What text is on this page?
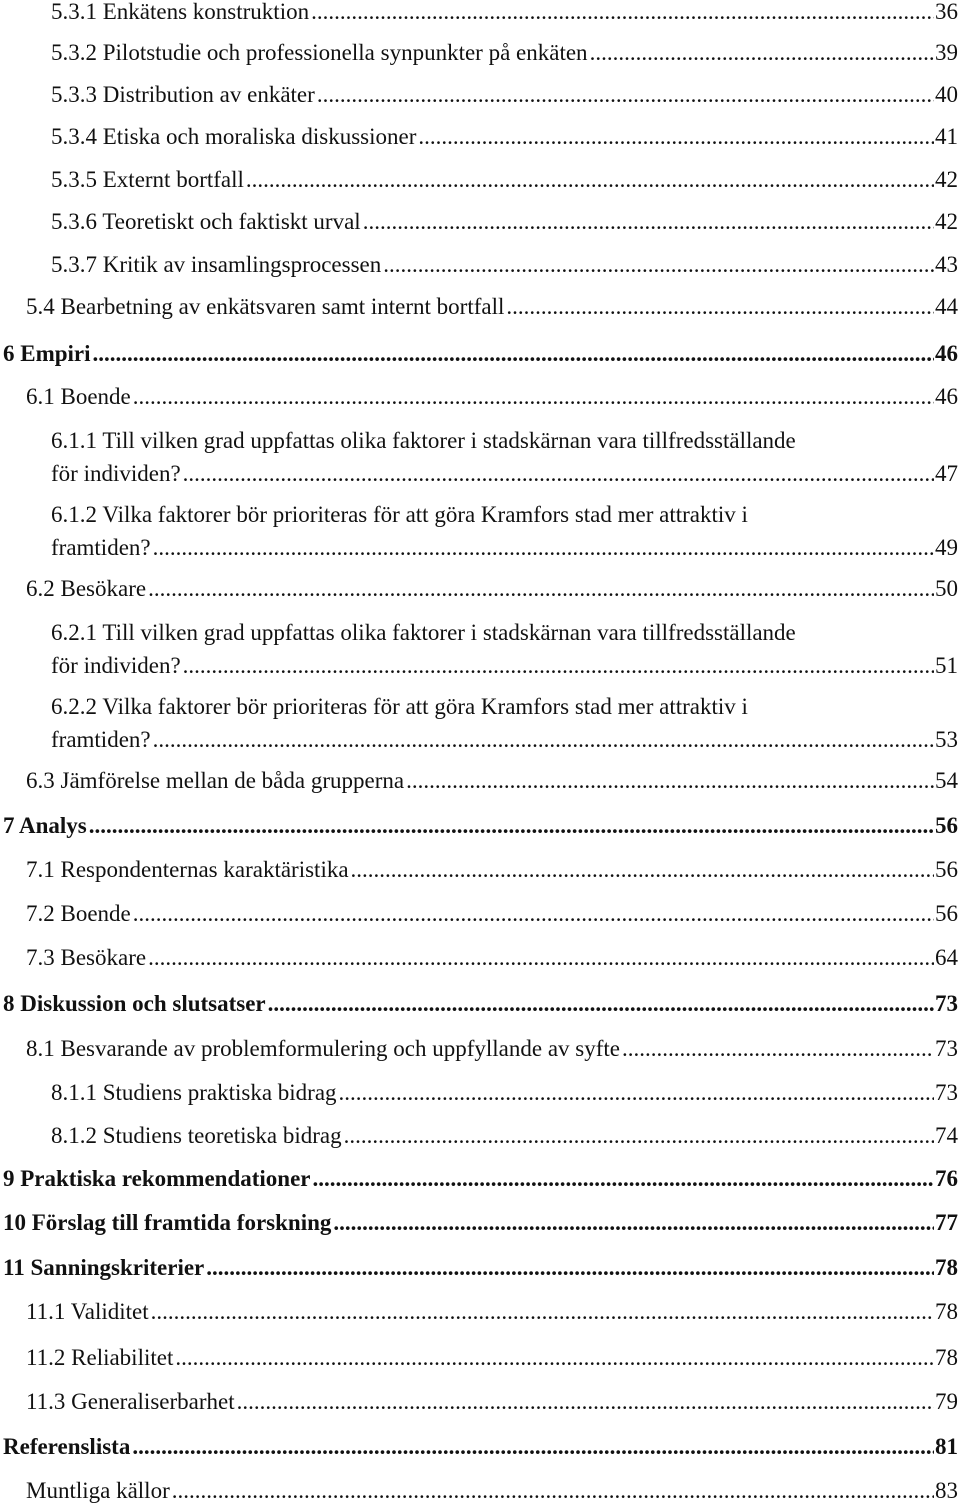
5.3.1 Enkätens konstruktion .....	36
5.3.2 Pilotstudie och professionella synpunkter på enkäten .....	39
5.3.3 Distribution av enkäter .....	40
5.3.4 Etiska och moraliska diskussioner .....	41
5.3.5 Externt bortfall .....	42
5.3.6 Teoretiskt och faktiskt urval .....	42
5.3.7 Kritik av insamlingsprocessen .....	43
5.4 Bearbetning av enkätsvaren samt internt bortfall .....	44
6 Empiri .....	46
6.1 Boende .....	46
6.1.1 Till vilken grad uppfattas olika faktorer i stadskärnan vara tillfredsställande
för individen? .....	47
6.1.2 Vilka faktorer bör prioriteras för att göra Kramfors stad mer attraktiv i
framtiden? .....	49
6.2 Besökare .....	50
6.2.1 Till vilken grad uppfattas olika faktorer i stadskärnan vara tillfredsställande
för individen? .....	51
6.2.2 Vilka faktorer bör prioriteras för att göra Kramfors stad mer attraktiv i
framtiden? .....	53
6.3 Jämförelse mellan de båda grupperna .....	54
7 Analys .....	56
7.1 Respondenternas karaktäristika .....	56
7.2 Boende .....	56
7.3 Besökare .....	64
8 Diskussion och slutsatser .....	73
8.1 Besvarande av problemformulering och uppfyllande av syfte .....	73
8.1.1 Studiens praktiska bidrag .....	73
8.1.2 Studiens teoretiska bidrag .....	74
9 Praktiska rekommendationer .....	76
10 Förslag till framtida forskning .....	77
11 Sanningskriterier .....	78
11.1 Validitet .....	78
11.2 Reliabilitet .....	78
11.3 Generaliserbarhet .....	79
Referenslista .....	81
Muntliga källor .....	83
